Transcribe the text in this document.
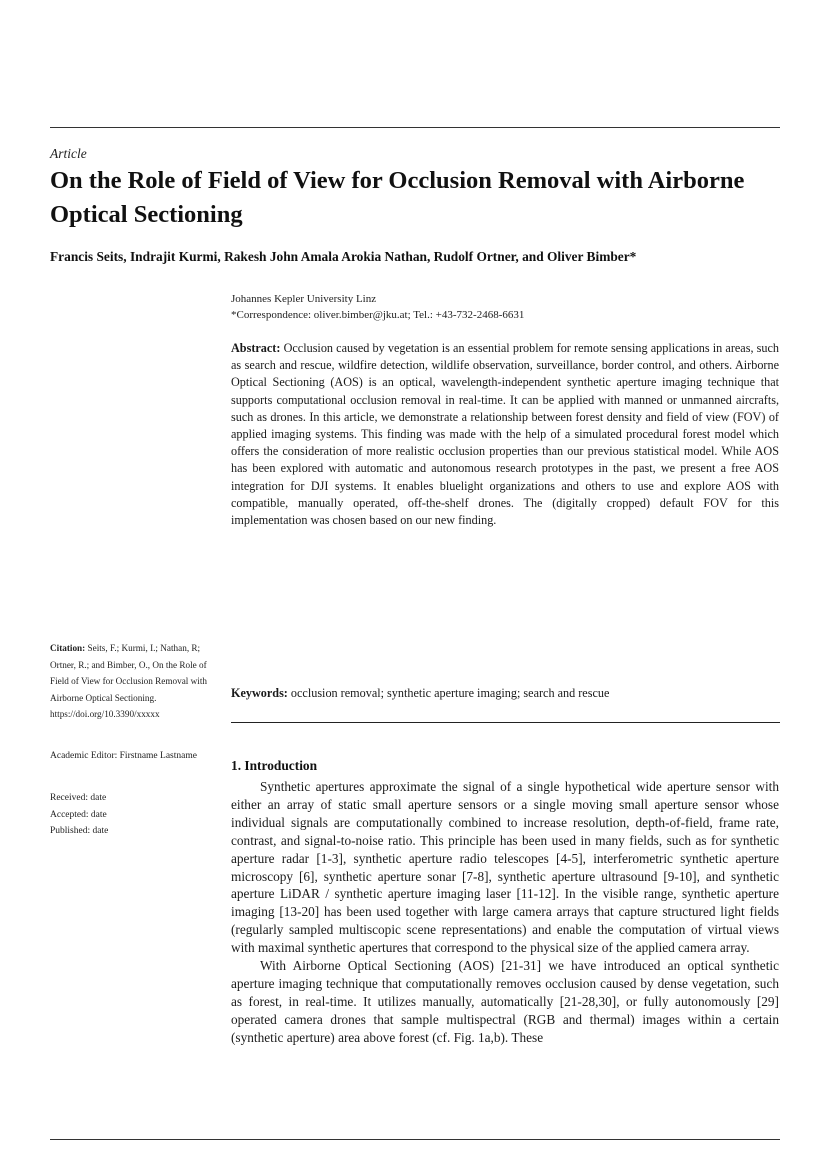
Article
On the Role of Field of View for Occlusion Removal with Airborne Optical Sectioning
Francis Seits, Indrajit Kurmi, Rakesh John Amala Arokia Nathan, Rudolf Ortner, and Oliver Bimber*
Johannes Kepler University Linz
*Correspondence: oliver.bimber@jku.at; Tel.: +43-732-2468-6631
Abstract: Occlusion caused by vegetation is an essential problem for remote sensing applications in areas, such as search and rescue, wildfire detection, wildlife observation, surveillance, border control, and others. Airborne Optical Sectioning (AOS) is an optical, wavelength-independent synthetic aperture imaging technique that supports computational occlusion removal in real-time. It can be applied with manned or unmanned aircrafts, such as drones. In this article, we demonstrate a relationship between forest density and field of view (FOV) of applied imaging systems. This finding was made with the help of a simulated procedural forest model which offers the consideration of more realistic occlusion properties than our previous statistical model. While AOS has been explored with automatic and autonomous research prototypes in the past, we present a free AOS integration for DJI systems. It enables bluelight organizations and others to use and explore AOS with compatible, manually operated, off-the-shelf drones. The (digitally cropped) default FOV for this implementation was chosen based on our new finding.
Citation: Seits, F.; Kurmi, I.; Nathan, R; Ortner, R.; and Bimber, O., On the Role of Field of View for Occlusion Removal with Airborne Optical Sectioning. https://doi.org/10.3390/xxxxx
Academic Editor: Firstname Lastname
Received: date
Accepted: date
Published: date
Keywords: occlusion removal; synthetic aperture imaging; search and rescue
1. Introduction

Synthetic apertures approximate the signal of a single hypothetical wide aperture sensor with either an array of static small aperture sensors or a single moving small aperture sensor whose individual signals are computationally combined to increase resolution, depth-of-field, frame rate, contrast, and signal-to-noise ratio. This principle has been used in many fields, such as for synthetic aperture radar [1-3], synthetic aperture radio telescopes [4-5], interferometric synthetic aperture microscopy [6], synthetic aperture sonar [7-8], synthetic aperture ultrasound [9-10], and synthetic aperture LiDAR / synthetic aperture imaging laser [11-12]. In the visible range, synthetic aperture imaging [13-20] has been used together with large camera arrays that capture structured light fields (regularly sampled multiscopic scene representations) and enable the computation of virtual views with maximal synthetic apertures that correspond to the physical size of the applied camera array.

With Airborne Optical Sectioning (AOS) [21-31] we have introduced an optical synthetic aperture imaging technique that computationally removes occlusion caused by dense vegetation, such as forest, in real-time. It utilizes manually, automatically [21-28,30], or fully autonomously [29] operated camera drones that sample multispectral (RGB and thermal) images within a certain (synthetic aperture) area above forest (cf. Fig. 1a,b). These
